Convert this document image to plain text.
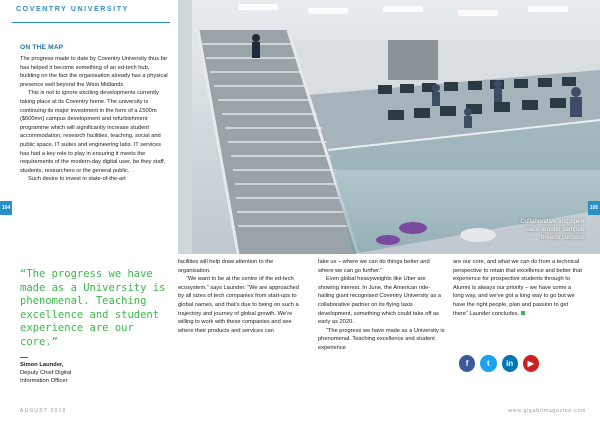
COVENTRY UNIVERSITY
Collaborative and open space around campus breeds success
ON THE MAP

The progress made to date by Coventry University thus far has helped it become something of an ed-tech hub, building on the fact the organisation already has a physical presence well beyond the West Midlands.

This is not to ignore exciting developments currently taking place at its Coventry home. The university is continuing its major investment in the form of a £500m ($600mn) campus development and refurbishment programme which will significantly increase student accommodation, research facilities, teaching, social and public space, IT suites and engineering labs. IT services has had a key role to play in ensuring it meets the requirements of the modern-day digital user, be they staff, students, researchers or the general public.

Such desire to invest in state-of-the-art

104	105
“The progress we have made as a University is phenomenal. Teaching excellence and student experience are our core.”
Simon Launder,
Deputy Chief Digital Information Officer

facilities will help draw attention to the organisation.

“We want to be at the centre of the ed-tech ecosystem,” says Launder. “We are approached by all sizes of tech companies from start-ups to global names, and that’s due to being on such a trajectory and journey of global growth. We’re willing to work with these companies and see where their products and services can

take us – where we can do things better and where we can go further.”

Even global heavyweights like Uber are showing interest. In June, the American ride-hailing giant recognised Coventry University as a collaborative partner on its flying taxis development, something which could take off as early as 2020.

“The progress we have made as a University is phenomenal. Teaching excellence and student experience

are our core, and what we can do from a technical perspective to retain that excellence and better that experience for prospective students through to Alumni is always our priority – we have come a long way, and we’ve got a long way to go but we have the right people, plan and passion to get there” Launder concludes.

f	t	in	▶
AUGUST 2018	www.gigabitmagazine.com
